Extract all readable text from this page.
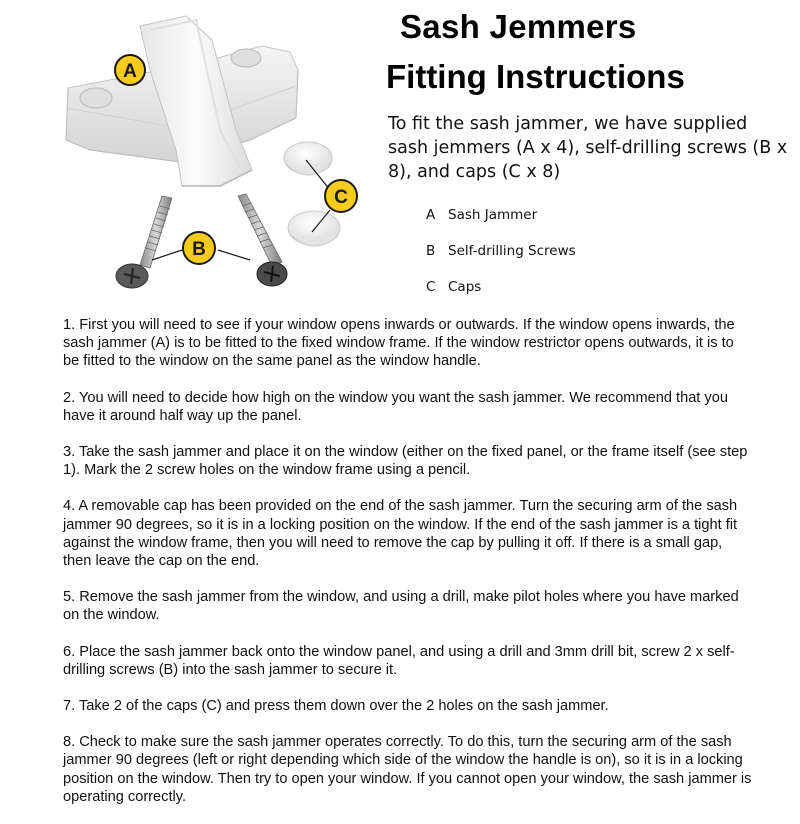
A
B
C
Sash Jemmers
Fitting Instructions
To fit the sash jammer, we have supplied sash jemmers (A x 4), self-drilling screws (B x 8), and caps (C x 8)
A Sash Jammer
B Self-drilling Screws
C Caps

1. First you will need to see if your window opens inwards or outwards. If the window opens inwards, the sash jammer (A) is to be fitted to the fixed window frame. If the window restrictor opens outwards, it is to be fitted to the window on the same panel as the window handle.

2. You will need to decide how high on the window you want the sash jammer. We recommend that you have it around half way up the panel.

3. Take the sash jammer and place it on the window (either on the fixed panel, or the frame itself (see step 1). Mark the 2 screw holes on the window frame using a pencil.

4. A removable cap has been provided on the end of the sash jammer. Turn the securing arm of the sash jammer 90 degrees, so it is in a locking position on the window. If the end of the sash jammer is a tight fit against the window frame, then you will need to remove the cap by pulling it off. If there is a small gap, then leave the cap on the end.

5. Remove the sash jammer from the window, and using a drill, make pilot holes where you have marked on the window.

6. Place the sash jammer back onto the window panel, and using a drill and 3mm drill bit, screw 2 x self-drilling screws (B) into the sash jammer to secure it.

7. Take 2 of the caps (C) and press them down over the 2 holes on the sash jammer.

8. Check to make sure the sash jammer operates correctly. To do this, turn the securing arm of the sash jammer 90 degrees (left or right depending which side of the window the handle is on), so it is in a locking position on the window. Then try to open your window. If you cannot open your window, the sash jammer is operating correctly.
